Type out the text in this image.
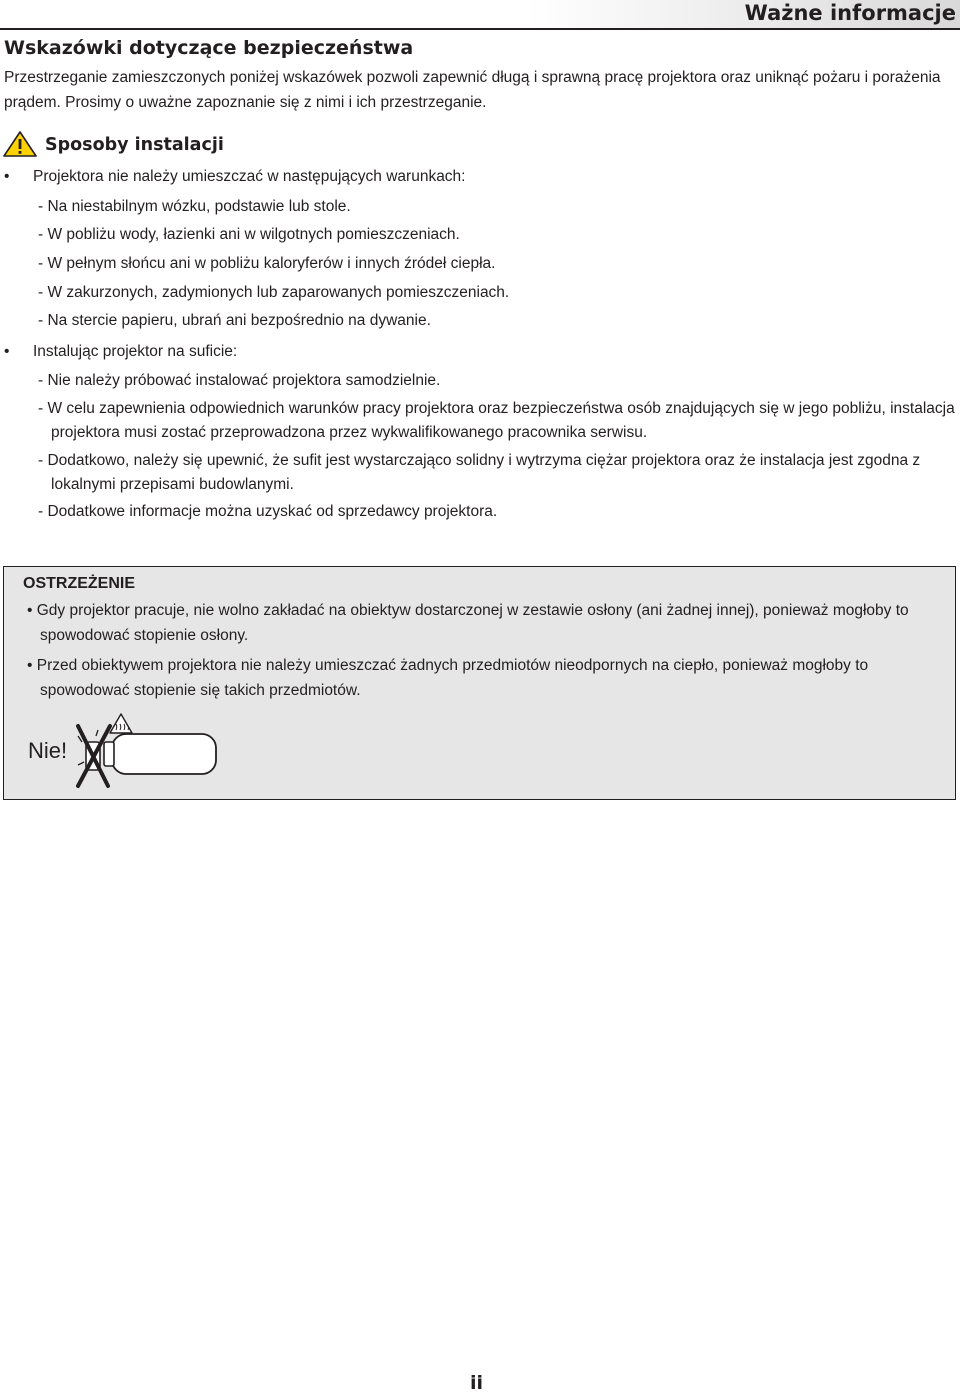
Ważne informacje
Wskazówki dotyczące bezpieczeństwa
Przestrzeganie zamieszczonych poniżej wskazówek pozwoli zapewnić długą i sprawną pracę projektora oraz uniknąć pożaru i porażenia prądem. Prosimy o uważne zapoznanie się z nimi i ich przestrzeganie.
Sposoby instalacji
• Projektora nie należy umieszczać w następujących warunkach:
- Na niestabilnym wózku, podstawie lub stole.
- W pobliżu wody, łazienki ani w wilgotnych pomieszczeniach.
- W pełnym słońcu ani w pobliżu kaloryferów i innych źródeł ciepła.
- W zakurzonych, zadymionych lub zaparowanych pomieszczeniach.
- Na stercie papieru, ubrań ani bezpośrednio na dywanie.
• Instalując projektor na suficie:
- Nie należy próbować instalować projektora samodzielnie.
- W celu zapewnienia odpowiednich warunków pracy projektora oraz bezpieczeństwa osób znajdujących się w jego pobliżu, instalacja projektora musi zostać przeprowadzona przez wykwalifikowanego pracownika serwisu.
- Dodatkowo, należy się upewnić, że sufit jest wystarczająco solidny i wytrzyma ciężar projektora oraz że instalacja jest zgodna z lokalnymi przepisami budowlanymi.
- Dodatkowe informacje można uzyskać od sprzedawcy projektora.
OSTRZEŻENIE
• Gdy projektor pracuje, nie wolno zakładać na obiektyw dostarczonej w zestawie osłony (ani żadnej innej), ponieważ mogłoby to spowodować stopienie osłony.
• Przed obiektywem projektora nie należy umieszczać żadnych przedmiotów nieodpornych na ciepło, ponieważ mogłoby to spowodować stopienie się takich przedmiotów.
Nie!
ii
